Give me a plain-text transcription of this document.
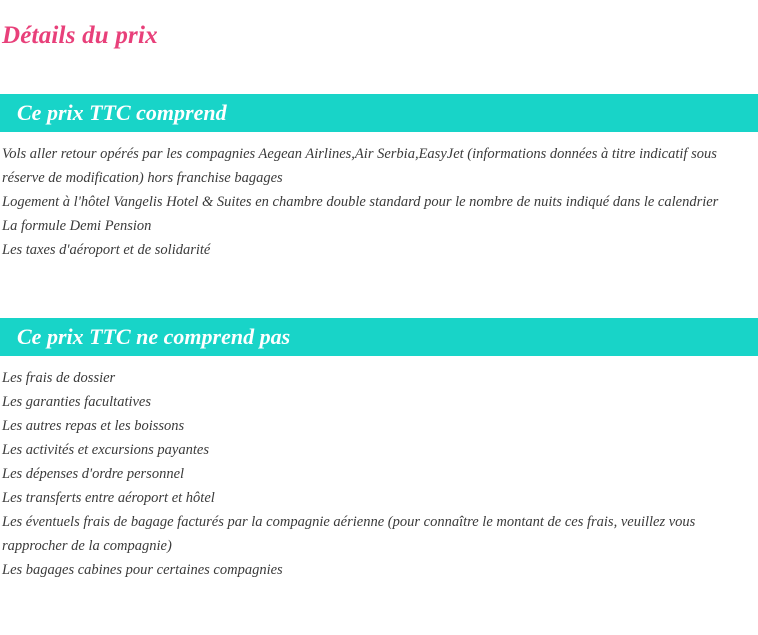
Détails du prix
Ce prix TTC comprend

Vols aller retour opérés par les compagnies Aegean Airlines,Air Serbia,EasyJet (informations données à titre indicatif sous réserve de modification) hors franchise bagages

Logement à l'hôtel Vangelis Hotel & Suites en chambre double standard pour le nombre de nuits indiqué dans le calendrier

La formule Demi Pension

Les taxes d'aéroport et de solidarité

Ce prix TTC ne comprend pas

Les frais de dossier

Les garanties facultatives

Les autres repas et les boissons

Les activités et excursions payantes

Les dépenses d'ordre personnel

Les transferts entre aéroport et hôtel

Les éventuels frais de bagage facturés par la compagnie aérienne (pour connaître le montant de ces frais, veuillez vous rapprocher de la compagnie)

Les bagages cabines pour certaines compagnies
